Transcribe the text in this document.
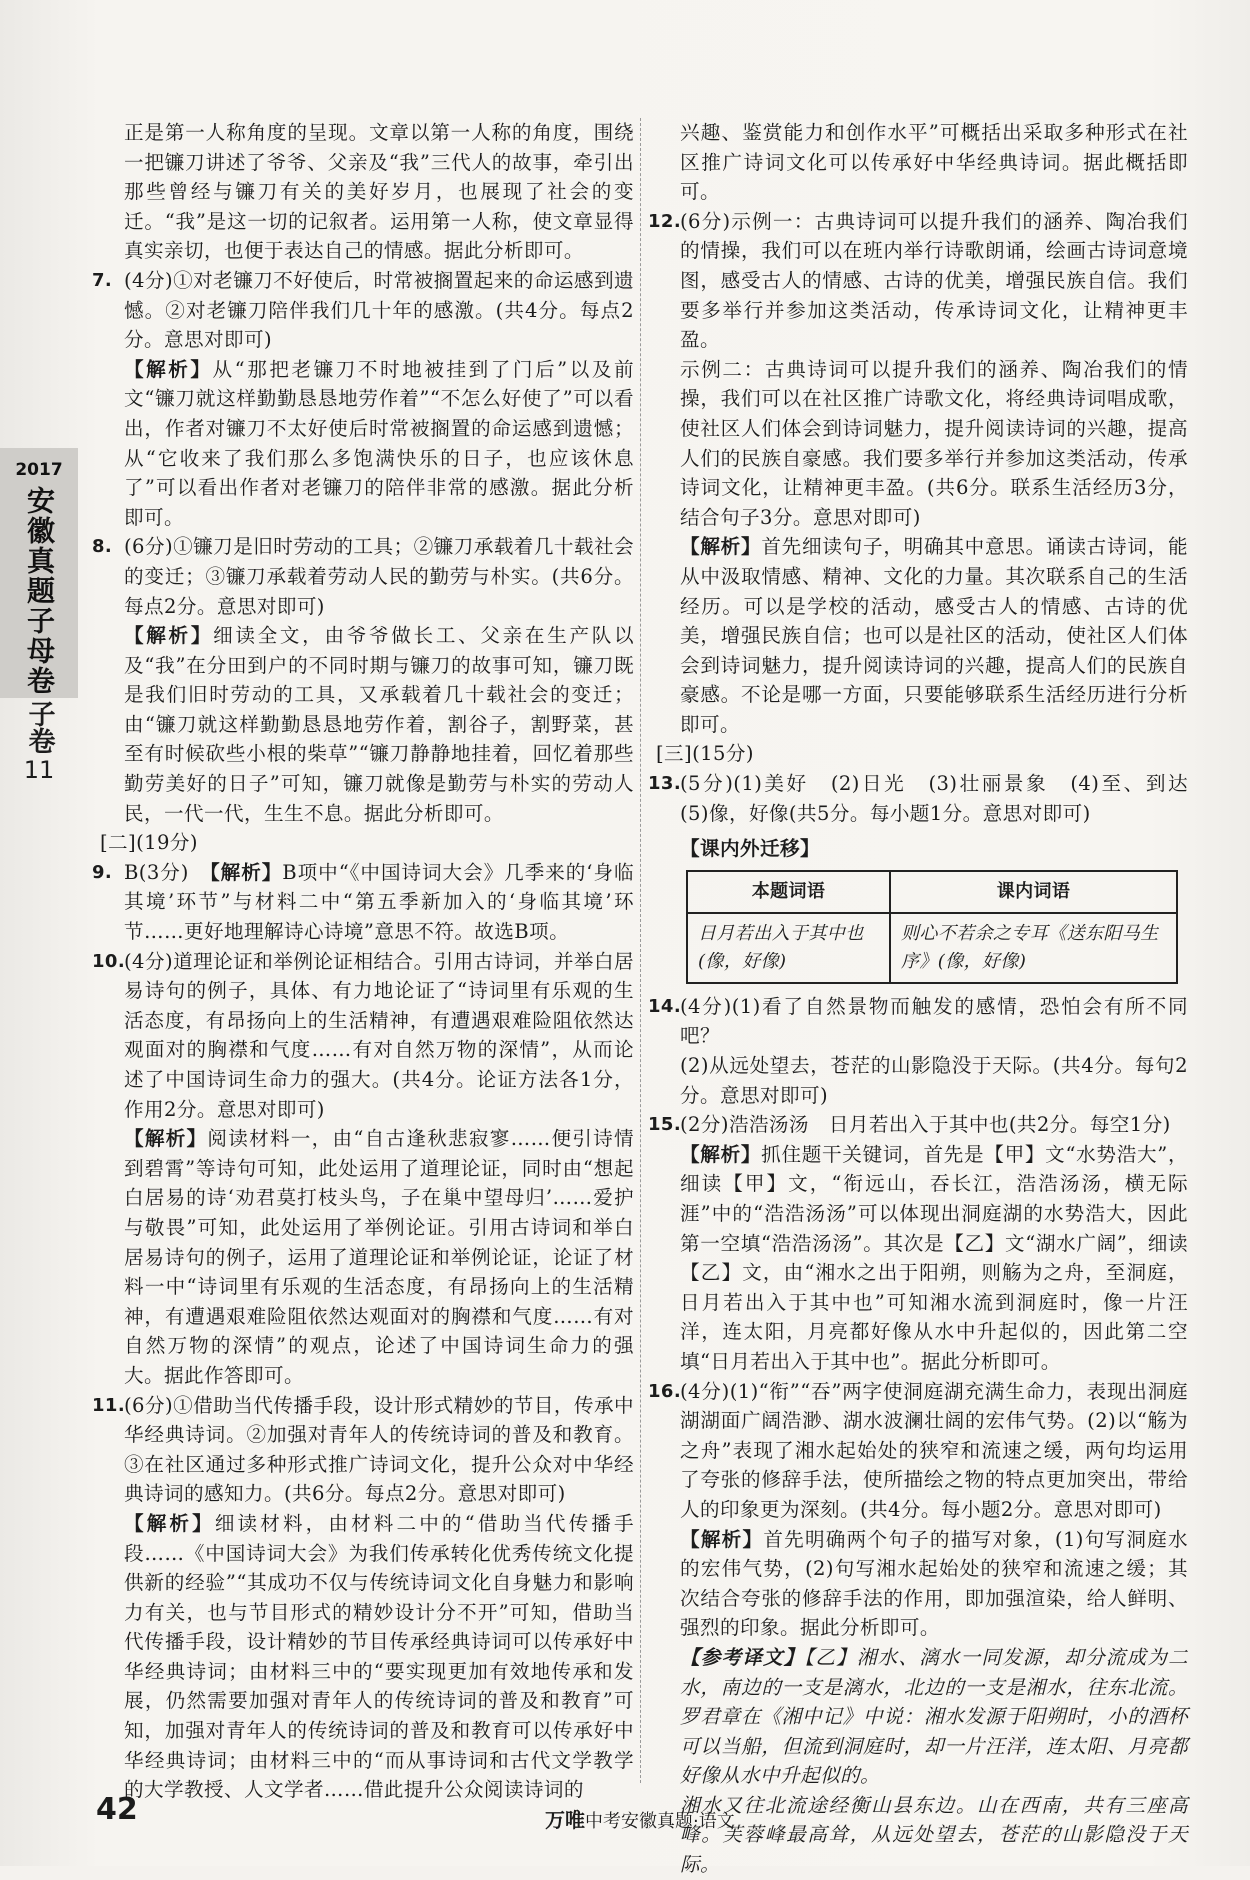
2017
安徽真题子母卷
子卷
11

正是第一人称角度的呈现。文章以第一人称的角度，围绕一把镰刀讲述了爷爷、父亲及“我”三代人的故事，牵引出那些曾经与镰刀有关的美好岁月，也展现了社会的变迁。“我”是这一切的记叙者。运用第一人称，使文章显得真实亲切，也便于表达自己的情感。据此分析即可。

7. (4分)①对老镰刀不好使后，时常被搁置起来的命运感到遗憾。②对老镰刀陪伴我们几十年的感激。(共4分。每点2分。意思对即可)

【解析】从“那把老镰刀不时地被挂到了门后”以及前文“镰刀就这样勤勤恳恳地劳作着”“不怎么好使了”可以看出，作者对镰刀不太好使后时常被搁置的命运感到遗憾；从“它收来了我们那么多饱满快乐的日子，也应该休息了”可以看出作者对老镰刀的陪伴非常的感激。据此分析即可。

8. (6分)①镰刀是旧时劳动的工具；②镰刀承载着几十载社会的变迁；③镰刀承载着劳动人民的勤劳与朴实。(共6分。每点2分。意思对即可)

【解析】细读全文，由爷爷做长工、父亲在生产队以及“我”在分田到户的不同时期与镰刀的故事可知，镰刀既是我们旧时劳动的工具，又承载着几十载社会的变迁；由“镰刀就这样勤勤恳恳地劳作着，割谷子，割野菜，甚至有时候砍些小根的柴草”“镰刀静静地挂着，回忆着那些勤劳美好的日子”可知，镰刀就像是勤劳与朴实的劳动人民，一代一代，生生不息。据此分析即可。

[二](19分)

9. B(3分)　 【解析】B项中“《中国诗词大会》几季来的‘身临其境’环节”与材料二中“第五季新加入的‘身临其境’环节……更好地理解诗心诗境”意思不符。故选B项。

10.
(4分)道理论证和举例论证相结合。引用古诗词，并举白居易诗句的例子，具体、有力地论证了“诗词里有乐观的生活态度，有昂扬向上的生活精神，有遭遇艰难险阻依然达观面对的胸襟和气度……有对自然万物的深情”，从而论述了中国诗词生命力的强大。(共4分。论证方法各1分，作用2分。意思对即可)

【解析】阅读材料一，由“自古逢秋悲寂寥……便引诗情到碧霄”等诗句可知，此处运用了道理论证，同时由“想起白居易的诗‘劝君莫打枝头鸟，子在巢中望母归’……爱护与敬畏”可知，此处运用了举例论证。引用古诗词和举白居易诗句的例子，运用了道理论证和举例论证，论证了材料一中“诗词里有乐观的生活态度，有昂扬向上的生活精神，有遭遇艰难险阻依然达观面对的胸襟和气度……有对自然万物的深情”的观点，论述了中国诗词生命力的强大。据此作答即可。

11.
(6分)①借助当代传播手段，设计形式精妙的节目，传承中华经典诗词。②加强对青年人的传统诗词的普及和教育。③在社区通过多种形式推广诗词文化，提升公众对中华经典诗词的感知力。(共6分。每点2分。意思对即可)

【解析】细读材料，由材料二中的“借助当代传播手段……《中国诗词大会》为我们传承转化优秀传统文化提供新的经验”“其成功不仅与传统诗词文化自身魅力和影响力有关，也与节目形式的精妙设计分不开”可知，借助当代传播手段，设计精妙的节目传承经典诗词可以传承好中华经典诗词；由材料三中的“要实现更加有效地传承和发展，仍然需要加强对青年人的传统诗词的普及和教育”可知，加强对青年人的传统诗词的普及和教育可以传承好中华经典诗词；由材料三中的“而从事诗词和古代文学教学的大学教授、人文学者……借此提升公众阅读诗词的

兴趣、鉴赏能力和创作水平”可概括出采取多种形式在社区推广诗词文化可以传承好中华经典诗词。据此概括即可。

12.
(6分)示例一：古典诗词可以提升我们的涵养、陶冶我们的情操，我们可以在班内举行诗歌朗诵，绘画古诗词意境图，感受古人的情感、古诗的优美，增强民族自信。我们要多举行并参加这类活动，传承诗词文化，让精神更丰盈。

示例二：古典诗词可以提升我们的涵养、陶冶我们的情操，我们可以在社区推广诗歌文化，将经典诗词唱成歌，使社区人们体会到诗词魅力，提升阅读诗词的兴趣，提高人们的民族自豪感。我们要多举行并参加这类活动，传承诗词文化，让精神更丰盈。(共6分。联系生活经历3分，结合句子3分。意思对即可)

【解析】首先细读句子，明确其中意思。诵读古诗词，能从中汲取情感、精神、文化的力量。其次联系自己的生活经历。可以是学校的活动，感受古人的情感、古诗的优美，增强民族自信；也可以是社区的活动，使社区人们体会到诗词魅力，提升阅读诗词的兴趣，提高人们的民族自豪感。不论是哪一方面，只要能够联系生活经历进行分析即可。

[三](15分)

13.
(5分)(1)美好　(2)日光　(3)壮丽景象　(4)至、到达　(5)像，好像(共5分。每小题1分。意思对即可)

【课内外迁移】
本题词语	课内词语
日月若出入于其中也(像，好像)	则心不若余之专耳《送东阳马生序》(像，好像)

14.
(4分)(1)看了自然景物而触发的感情，恐怕会有所不同吧？

(2)从远处望去，苍茫的山影隐没于天际。(共4分。每句2分。意思对即可)

15.
(2分)浩浩汤汤　日月若出入于其中也(共2分。每空1分)

【解析】抓住题干关键词，首先是【甲】文“水势浩大”，细读【甲】文，“衔远山，吞长江，浩浩汤汤，横无际涯”中的“浩浩汤汤”可以体现出洞庭湖的水势浩大，因此第一空填“浩浩汤汤”。其次是【乙】文“湖水广阔”，细读【乙】文，由“湘水之出于阳朔，则觞为之舟，至洞庭，日月若出入于其中也”可知湘水流到洞庭时，像一片汪洋，连太阳，月亮都好像从水中升起似的，因此第二空填“日月若出入于其中也”。据此分析即可。

16.
(4分)(1)“衔”“吞”两字使洞庭湖充满生命力，表现出洞庭湖湖面广阔浩渺、湖水波澜壮阔的宏伟气势。(2)以“觞为之舟”表现了湘水起始处的狭窄和流速之缓，两句均运用了夸张的修辞手法，使所描绘之物的特点更加突出，带给人的印象更为深刻。(共4分。每小题2分。意思对即可)

【解析】首先明确两个句子的描写对象，(1)句写洞庭水的宏伟气势，(2)句写湘水起始处的狭窄和流速之缓；其次结合夸张的修辞手法的作用，即加强渲染，给人鲜明、强烈的印象。据此分析即可。

【参考译文】【乙】湘水、漓水一同发源，却分流成为二水，南边的一支是漓水，北边的一支是湘水，往东北流。罗君章在《湘中记》中说：湘水发源于阳朔时，小的酒杯可以当船，但流到洞庭时，却一片汪洋，连太阳、月亮都好像从水中升起似的。

湘水又往北流途经衡山县东边。山在西南，共有三座高峰。芙蓉峰最高耸，从远处望去，苍茫的山影隐没于天际。

42	万唯中考安徽真题·语文
